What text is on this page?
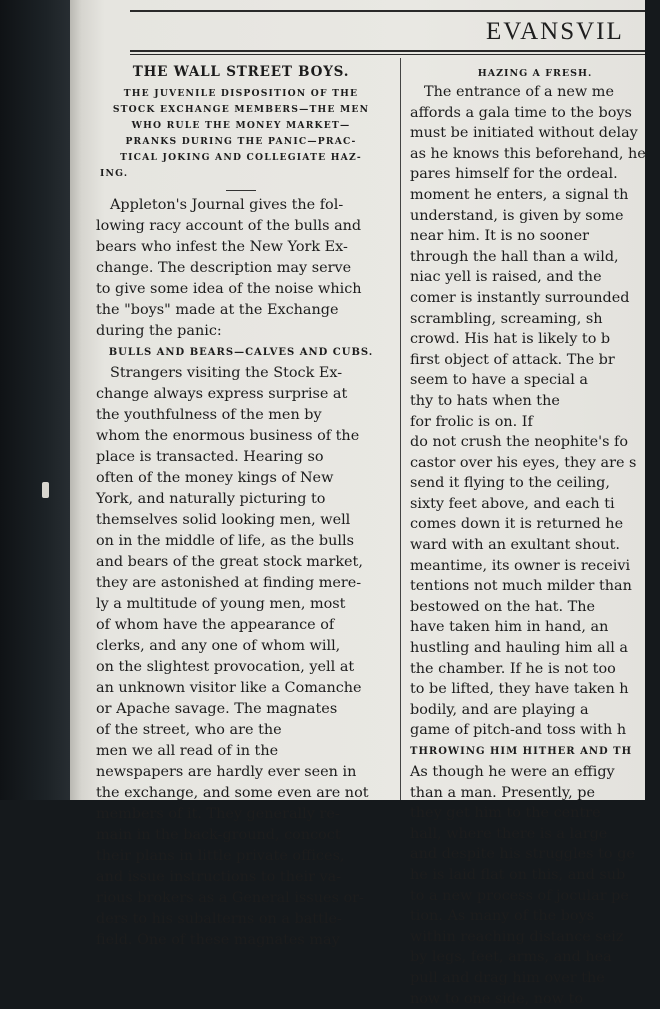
EVANSVIL
THE WALL STREET BOYS.
THE JUVENILE DISPOSITION OF THE
STOCK EXCHANGE MEMBERS—THE MEN
WHO RULE THE MONEY MARKET—
PRANKS DURING THE PANIC—PRAC-
TICAL JOKING AND COLLEGIATE HAZ-
ING.
Appleton's Journal gives the fol-
lowing racy account of the bulls and
bears who infest the New York Ex-
change. The description may serve
to give some idea of the noise which
the "boys" made at the Exchange
during the panic:
BULLS AND BEARS—CALVES AND CUBS.
Strangers visiting the Stock Ex-
change always express surprise at
the youthfulness of the men by
whom the enormous business of the
place is transacted. Hearing so
often of the money kings of New
York, and naturally picturing to
themselves solid looking men, well
on in the middle of life, as the bulls
and bears of the great stock market,
they are astonished at finding mere-
ly a multitude of young men, most
of whom have the appearance of
clerks, and any one of whom will,
on the slightest provocation, yell at
an unknown visitor like a Comanche
or Apache savage. The magnates
of the street, who are the
men we all read of in the
newspapers are hardly ever seen in
the exchange, and some even are not
members of it. They generally re-
main in the back-ground, concoct
their plans in little private offices,
and issue instructions to their va-
rious brokers as a General issues or-
ders to his subalterns on a battle-
field. One of these magnates may
HAZING A FRESH.
The entrance of a new me
affords a gala time to the boys
must be initiated without delay
as he knows this beforehand, he
pares himself for the ordeal.
moment he enters, a signal th
understand, is given by some
near him. It is no sooner
through the hall than a wild,
niac yell is raised, and the
comer is instantly surrounded
scrambling, screaming, sh
crowd. His hat is likely to b
first object of attack. The br
seem to have a special a
thy to hats when the
for frolic is on. If
do not crush the neophite's fo
castor over his eyes, they are s
send it flying to the ceiling,
sixty feet above, and each ti
comes down it is returned he
ward with an exultant shout.
meantime, its owner is receivi
tentions not much milder than
bestowed on the hat. The
have taken him in hand, an
hustling and hauling him all a
the chamber. If he is not too
to be lifted, they have taken h
bodily, and are playing a
game of pitch-and toss with h
THROWING HIM HITHER AND TH
As though he were an effigy
than a man. Presently, pe
they get him to the centre
hall, where there is a large
and despite his struggles to ge
he is laid flat on this, and sub
to a new process of jocular pe
tion. As many of the boys
within reaching distance seiz
by legs, feet, arms, and hea
pull and drag him over the
now to one side, now to
